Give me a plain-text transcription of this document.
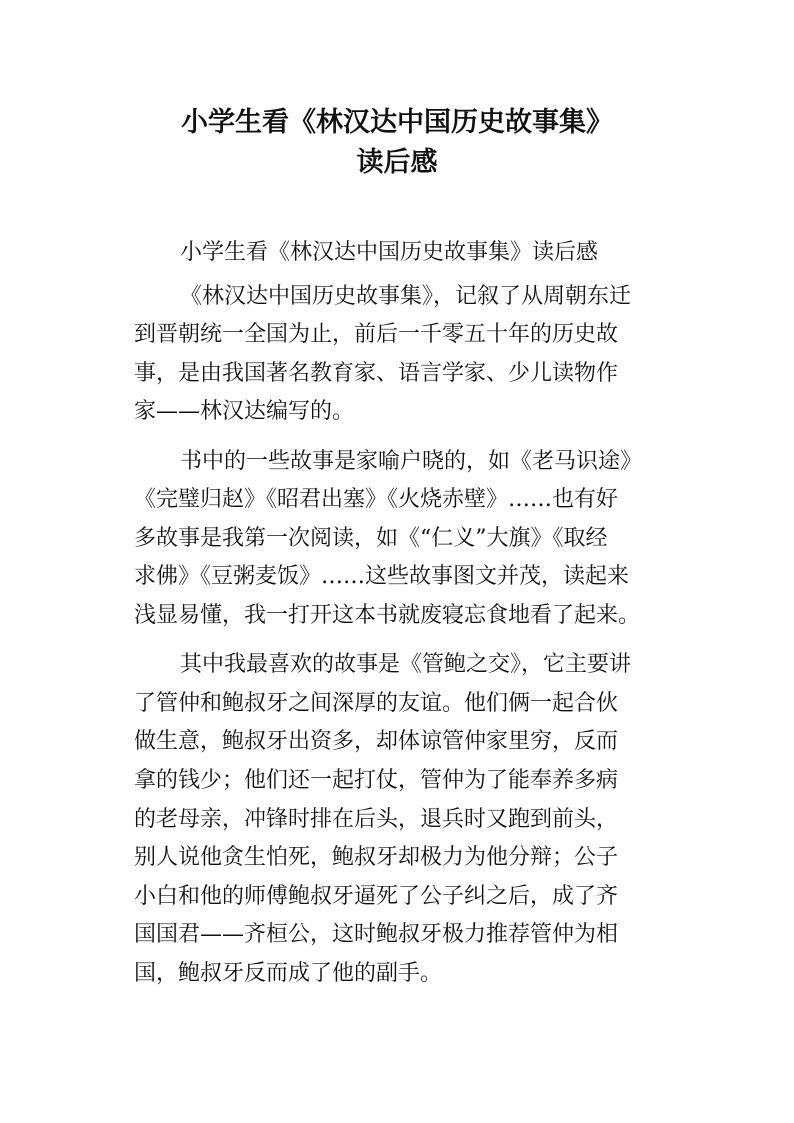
小学生看《林汉达中国历史故事集》
读后感

小学生看《林汉达中国历史故事集》读后感

《林汉达中国历史故事集》，记叙了从周朝东迁

到晋朝统一全国为止，前后一千零五十年的历史故

事，是由我国著名教育家、语言学家、少儿读物作

家——林汉达编写的。

书中的一些故事是家喻户晓的，如《老马识途》

《完璧归赵》《昭君出塞》《火烧赤壁》……也有好

多故事是我第一次阅读，如《“仁义”大旗》《取经

求佛》《豆粥麦饭》……这些故事图文并茂，读起来

浅显易懂，我一打开这本书就废寝忘食地看了起来。

其中我最喜欢的故事是《管鲍之交》，它主要讲

了管仲和鲍叔牙之间深厚的友谊。他们俩一起合伙

做生意，鲍叔牙出资多，却体谅管仲家里穷，反而

拿的钱少；他们还一起打仗，管仲为了能奉养多病

的老母亲，冲锋时排在后头，退兵时又跑到前头，

别人说他贪生怕死，鲍叔牙却极力为他分辩；公子

小白和他的师傅鲍叔牙逼死了公子纠之后，成了齐

国国君——齐桓公，这时鲍叔牙极力推荐管仲为相

国，鲍叔牙反而成了他的副手。
